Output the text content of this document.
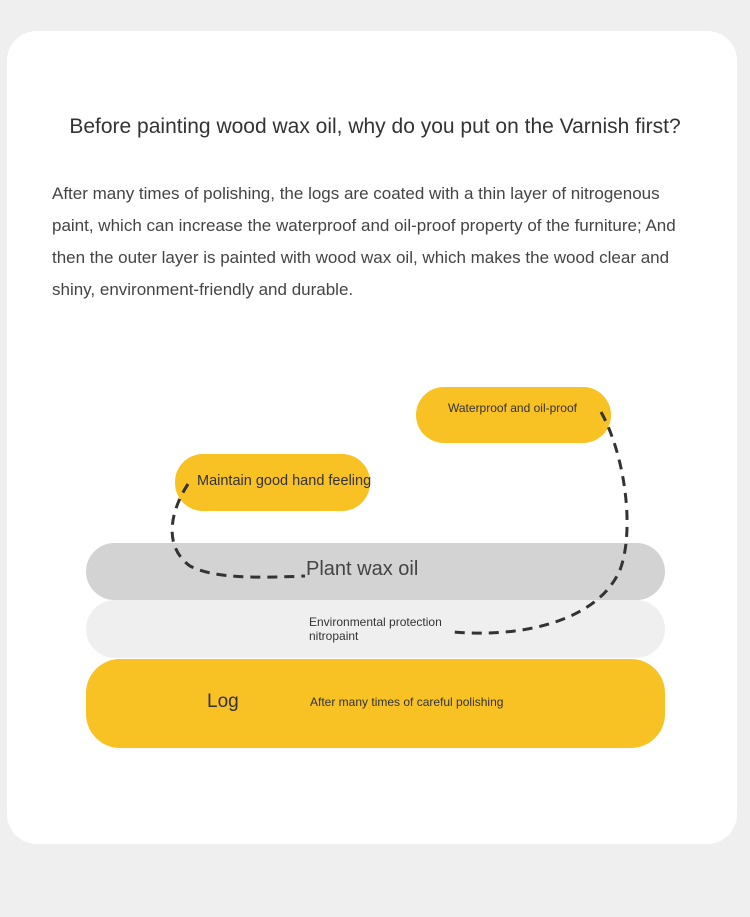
Before painting wood wax oil, why do you put on the Varnish first?

After many times of polishing, the logs are coated with a thin layer of nitrogenous paint, which can increase the waterproof and oil-proof property of the furniture; And then the outer layer is painted with wood wax oil, which makes the wood clear and shiny, environment-friendly and durable.

Waterproof and oil-proof
Maintain good hand feeling
Plant wax oil
Environmental protection nitropaint
Log	After many times of careful polishing
